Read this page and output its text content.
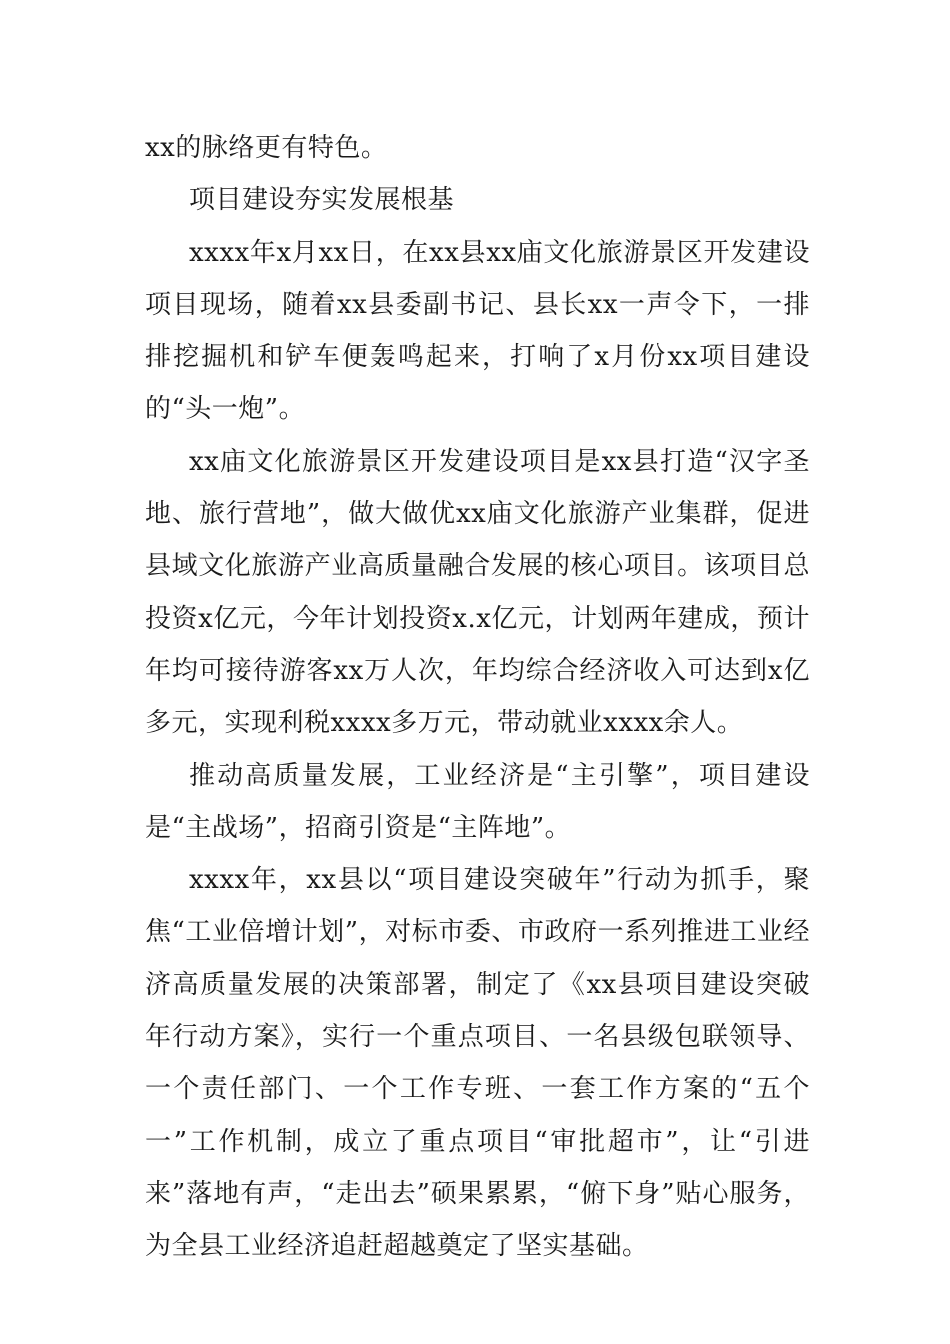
xx的脉络更有特色。

项目建设夯实发展根基

xxxx年x月xx日，在xx县xx庙文化旅游景区开发建设项目现场，随着xx县委副书记、县长xx一声令下，一排排挖掘机和铲车便轰鸣起来，打响了x月份xx项目建设的“头一炮”。

xx庙文化旅游景区开发建设项目是xx县打造“汉字圣地、旅行营地”，做大做优xx庙文化旅游产业集群，促进县域文化旅游产业高质量融合发展的核心项目。该项目总投资x亿元，今年计划投资x.x亿元，计划两年建成，预计年均可接待游客xx万人次，年均综合经济收入可达到x亿多元，实现利税xxxx多万元，带动就业xxxx余人。

推动高质量发展，工业经济是“主引擎”，项目建设是“主战场”，招商引资是“主阵地”。

xxxx年，xx县以“项目建设突破年”行动为抓手，聚焦“工业倍增计划”，对标市委、市政府一系列推进工业经济高质量发展的决策部署，制定了《xx县项目建设突破年行动方案》，实行一个重点项目、一名县级包联领导、一个责任部门、一个工作专班、一套工作方案的“五个一”工作机制，成立了重点项目“审批超市”，让“引进来”落地有声，“走出去”硕果累累，“俯下身”贴心服务，为全县工业经济追赶超越奠定了坚实基础。
